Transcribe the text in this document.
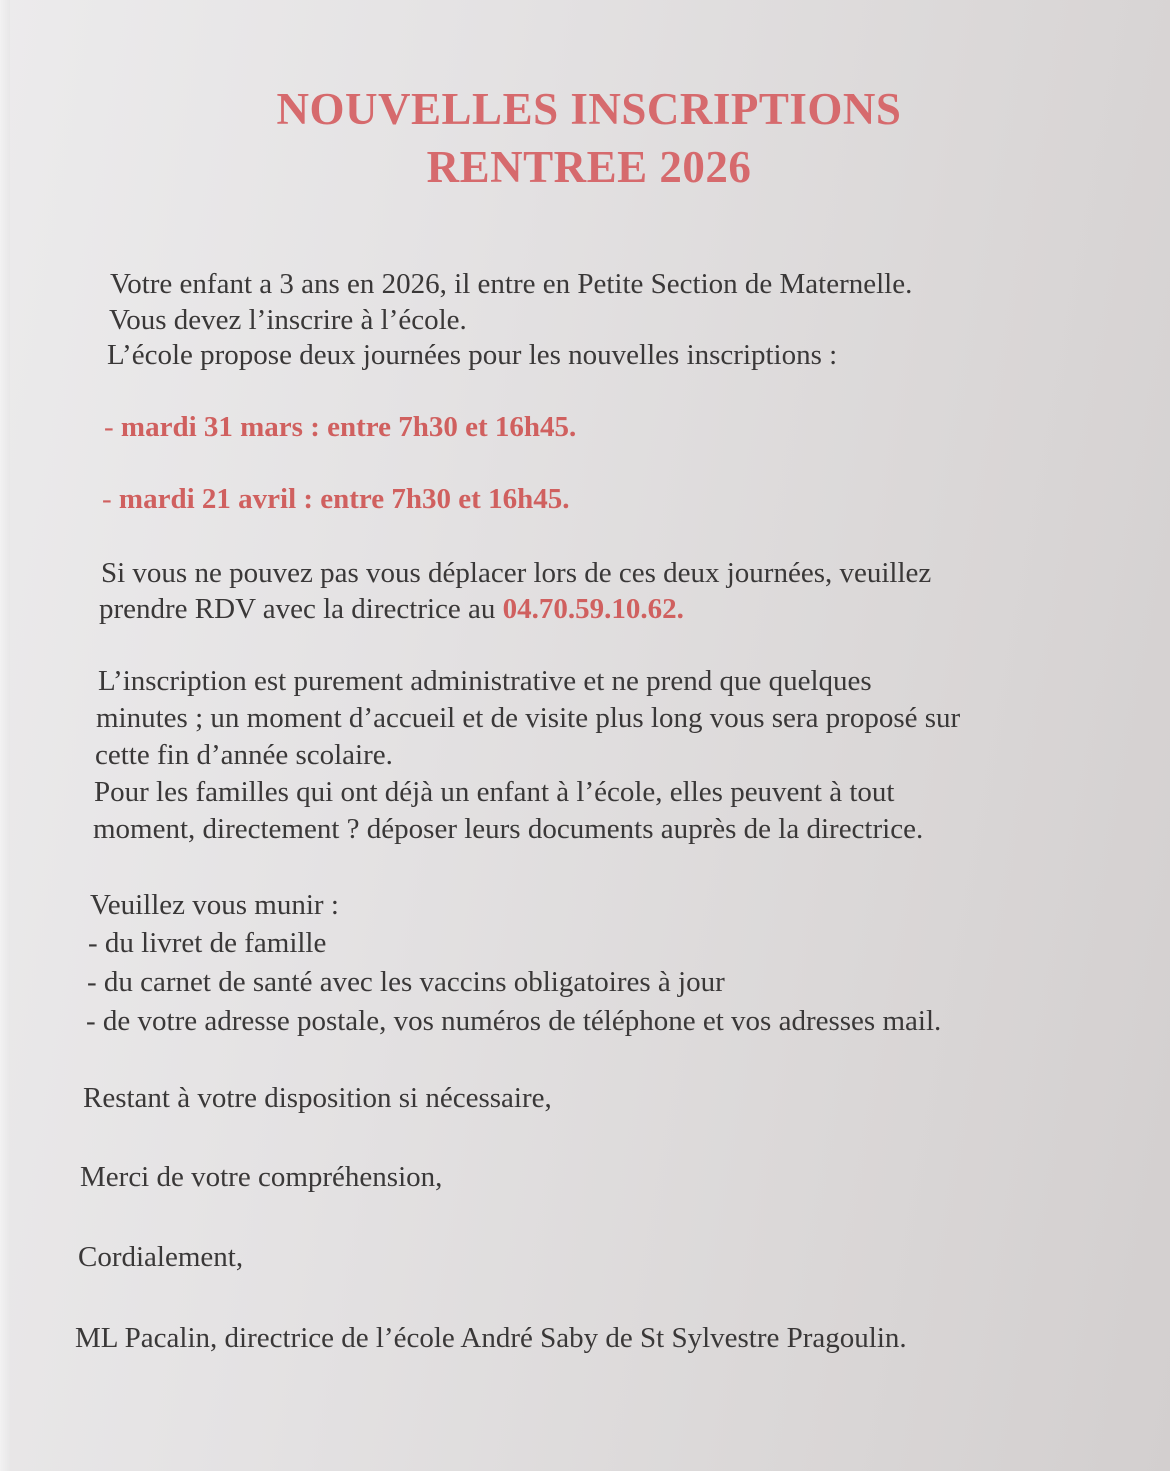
NOUVELLES INSCRIPTIONS
RENTREE 2026
Votre enfant a 3 ans en 2026, il entre en Petite Section de Maternelle.
Vous devez l’inscrire à l’école.
L’école propose deux journées pour les nouvelles inscriptions :
- mardi 31 mars : entre 7h30 et 16h45.
- mardi 21 avril : entre 7h30 et 16h45.
Si vous ne pouvez pas vous déplacer lors de ces deux journées, veuillez
prendre RDV avec la directrice au 04.70.59.10.62.
L’inscription est purement administrative et ne prend que quelques
minutes ; un moment d’accueil et de visite plus long vous sera proposé sur
cette fin d’année scolaire.
Pour les familles qui ont déjà un enfant à l’école, elles peuvent à tout
moment, directement ? déposer leurs documents auprès de la directrice.
Veuillez vous munir :
- du livret de famille
- du carnet de santé avec les vaccins obligatoires à jour
- de votre adresse postale, vos numéros de téléphone et vos adresses mail.
Restant à votre disposition si nécessaire,
Merci de votre compréhension,
Cordialement,
ML Pacalin, directrice de l’école André Saby de St Sylvestre Pragoulin.
